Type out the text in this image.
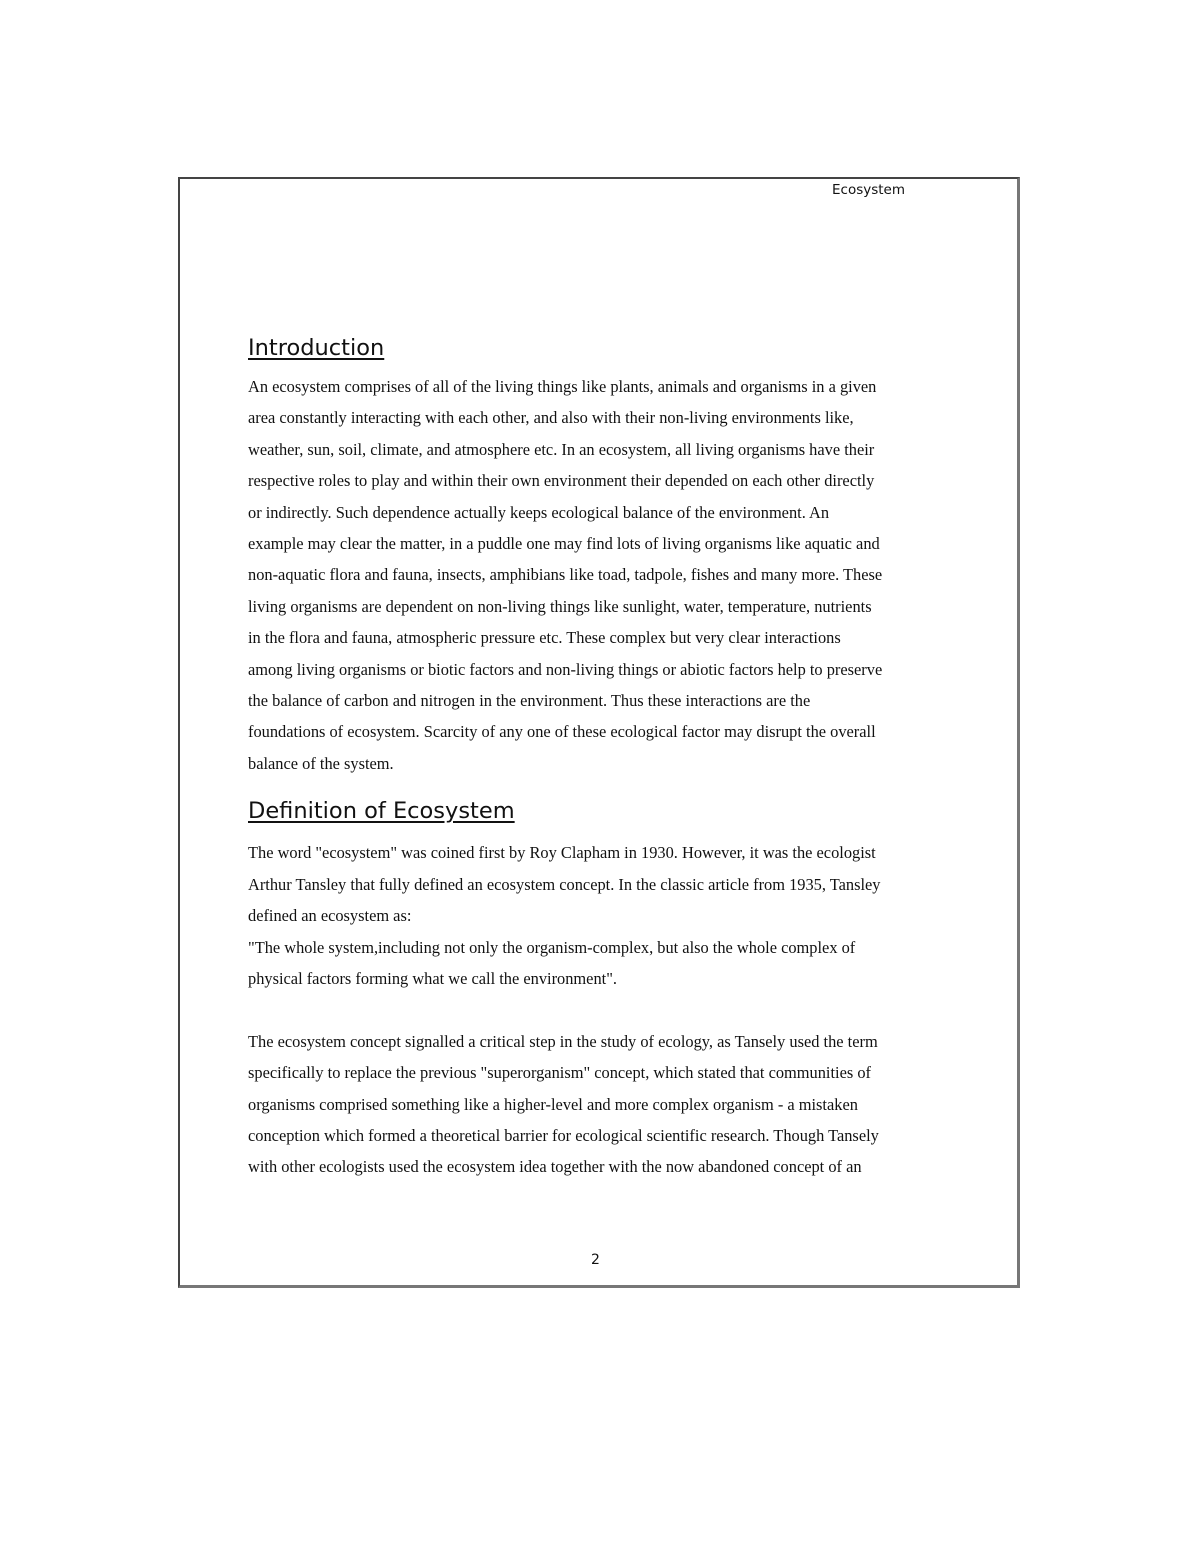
Ecosystem
Introduction
An ecosystem comprises of all of the living things like plants, animals and organisms in a given
area constantly interacting with each other, and also with their non-living environments like,
weather, sun, soil, climate, and atmosphere etc. In an ecosystem, all living organisms have their
respective roles to play and within their own environment their depended on each other directly
or indirectly. Such dependence actually keeps ecological balance of the environment. An
example may clear the matter, in a puddle one may find lots of living organisms like aquatic and
non-aquatic flora and fauna, insects, amphibians like toad, tadpole, fishes and many more. These
living organisms are dependent on non-living things like sunlight, water, temperature, nutrients
in the flora and fauna, atmospheric pressure etc. These complex but very clear interactions
among living organisms or biotic factors and non-living things or abiotic factors help to preserve
the balance of carbon and nitrogen in the environment. Thus these interactions are the
foundations of ecosystem. Scarcity of any one of these ecological factor may disrupt the overall
balance of the system.
Definition of Ecosystem
The word "ecosystem" was coined first by Roy Clapham in 1930. However, it was the ecologist
Arthur Tansley that fully defined an ecosystem concept. In the classic article from 1935, Tansley
defined an ecosystem as:
"The whole system,including not only the organism-complex, but also the whole complex of
physical factors forming what we call the environment".
The ecosystem concept signalled a critical step in the study of ecology, as Tansely used the term
specifically to replace the previous "superorganism" concept, which stated that communities of
organisms comprised something like a higher-level and more complex organism - a mistaken
conception which formed a theoretical barrier for ecological scientific research. Though Tansely
with other ecologists used the ecosystem idea together with the now abandoned concept of an
2
